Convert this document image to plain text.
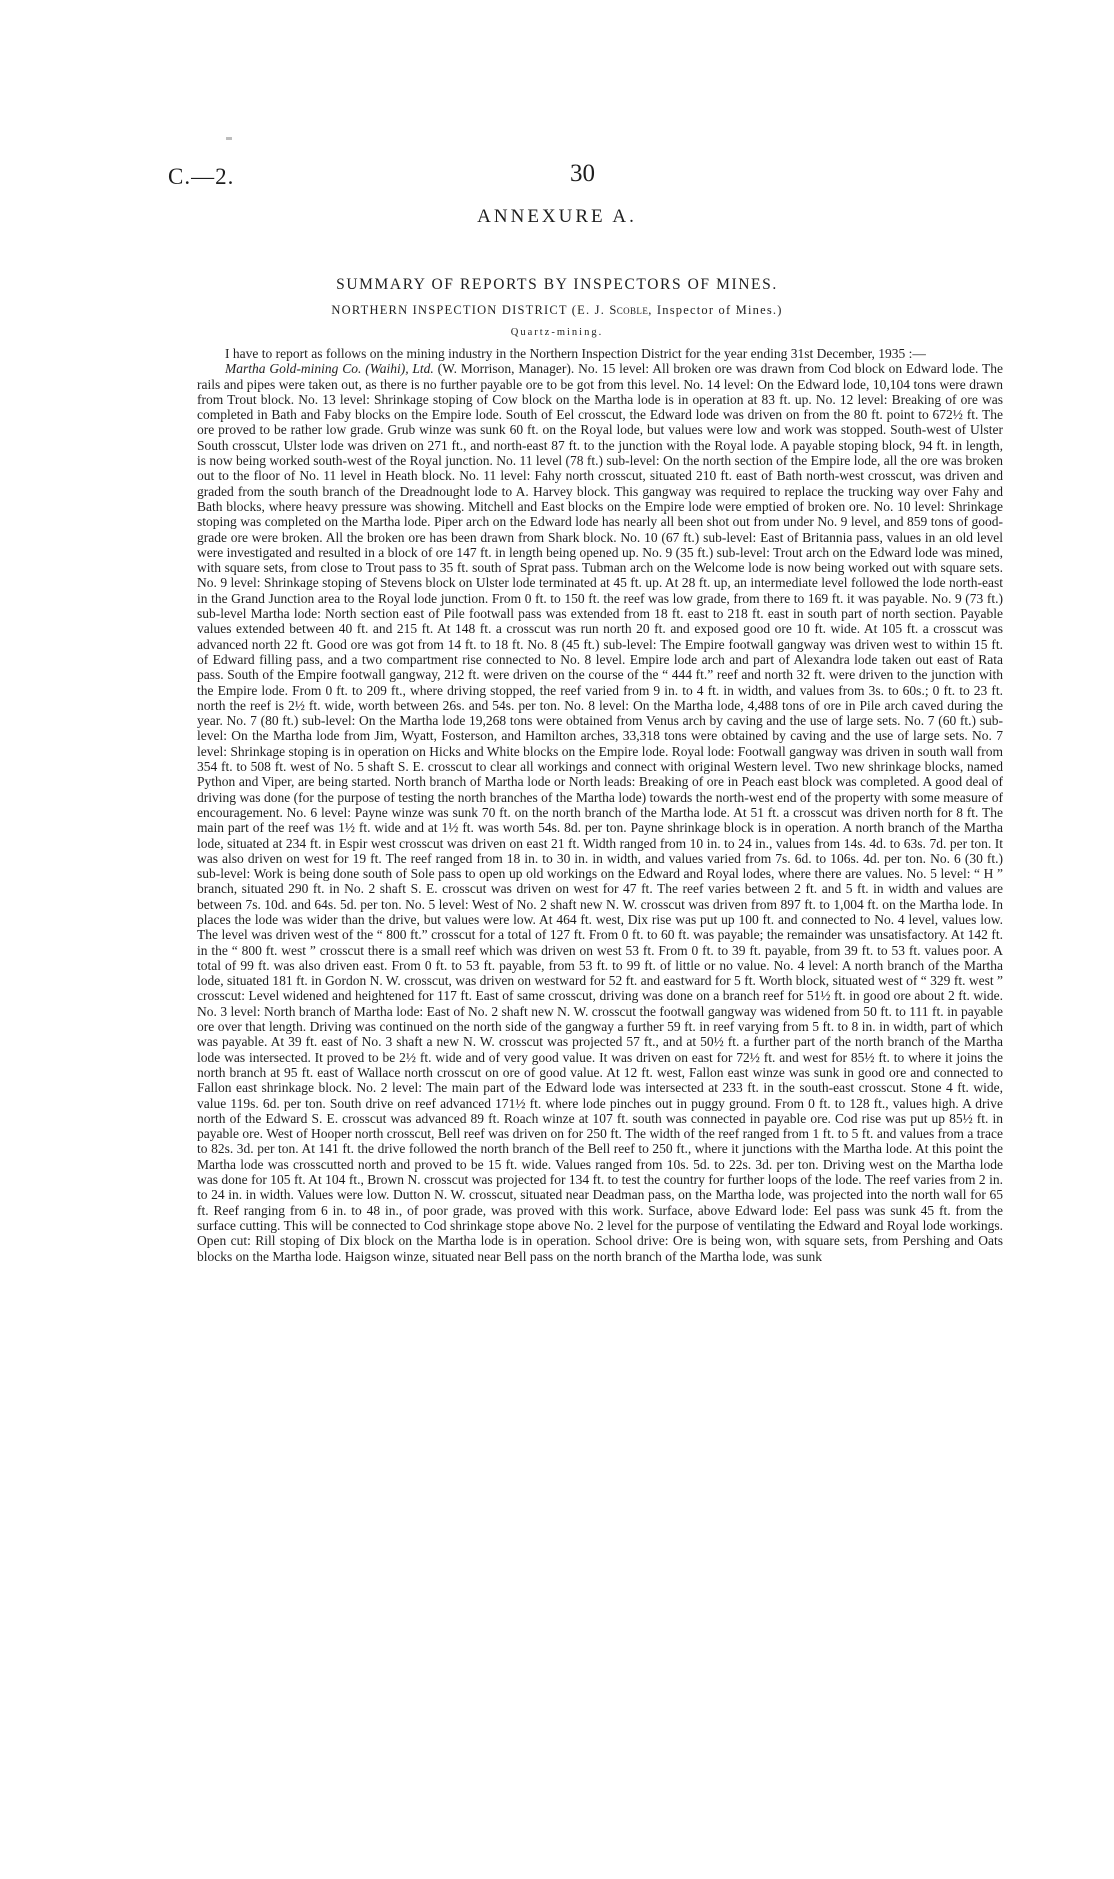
C.—2.	30
ANNEXURE A.
SUMMARY OF REPORTS BY INSPECTORS OF MINES.
NORTHERN INSPECTION DISTRICT (E. J. Scoble, Inspector of Mines.)
Quartz-mining.

I have to report as follows on the mining industry in the Northern Inspection District for the year ending 31st December, 1935 :—

Martha Gold-mining Co. (Waihi), Ltd. (W. Morrison, Manager). No. 15 level: All broken ore was drawn from Cod block on Edward lode. The rails and pipes were taken out, as there is no further payable ore to be got from this level. No. 14 level: On the Edward lode, 10,104 tons were drawn from Trout block. No. 13 level: Shrinkage stoping of Cow block on the Martha lode is in operation at 83 ft. up. No. 12 level: Breaking of ore was completed in Bath and Faby blocks on the Empire lode. South of Eel crosscut, the Edward lode was driven on from the 80 ft. point to 672½ ft. The ore proved to be rather low grade. Grub winze was sunk 60 ft. on the Royal lode, but values were low and work was stopped. South-west of Ulster South crosscut, Ulster lode was driven on 271 ft., and north-east 87 ft. to the junction with the Royal lode. A payable stoping block, 94 ft. in length, is now being worked south-west of the Royal junction. No. 11 level (78 ft.) sub-level: On the north section of the Empire lode, all the ore was broken out to the floor of No. 11 level in Heath block. No. 11 level: Fahy north crosscut, situated 210 ft. east of Bath north-west crosscut, was driven and graded from the south branch of the Dreadnought lode to A. Harvey block. This gangway was required to replace the trucking way over Fahy and Bath blocks, where heavy pressure was showing. Mitchell and East blocks on the Empire lode were emptied of broken ore. No. 10 level: Shrinkage stoping was completed on the Martha lode. Piper arch on the Edward lode has nearly all been shot out from under No. 9 level, and 859 tons of good-grade ore were broken. All the broken ore has been drawn from Shark block. No. 10 (67 ft.) sub-level: East of Britannia pass, values in an old level were investigated and resulted in a block of ore 147 ft. in length being opened up. No. 9 (35 ft.) sub-level: Trout arch on the Edward lode was mined, with square sets, from close to Trout pass to 35 ft. south of Sprat pass. Tubman arch on the Welcome lode is now being worked out with square sets. No. 9 level: Shrinkage stoping of Stevens block on Ulster lode terminated at 45 ft. up. At 28 ft. up, an intermediate level followed the lode north-east in the Grand Junction area to the Royal lode junction. From 0 ft. to 150 ft. the reef was low grade, from there to 169 ft. it was payable. No. 9 (73 ft.) sub-level Martha lode: North section east of Pile footwall pass was extended from 18 ft. east to 218 ft. east in south part of north section. Payable values extended between 40 ft. and 215 ft. At 148 ft. a crosscut was run north 20 ft. and exposed good ore 10 ft. wide. At 105 ft. a crosscut was advanced north 22 ft. Good ore was got from 14 ft. to 18 ft. No. 8 (45 ft.) sub-level: The Empire footwall gangway was driven west to within 15 ft. of Edward filling pass, and a two compartment rise connected to No. 8 level. Empire lode arch and part of Alexandra lode taken out east of Rata pass. South of the Empire footwall gangway, 212 ft. were driven on the course of the “ 444 ft.” reef and north 32 ft. were driven to the junction with the Empire lode. From 0 ft. to 209 ft., where driving stopped, the reef varied from 9 in. to 4 ft. in width, and values from 3s. to 60s.; 0 ft. to 23 ft. north the reef is 2½ ft. wide, worth between 26s. and 54s. per ton. No. 8 level: On the Martha lode, 4,488 tons of ore in Pile arch caved during the year. No. 7 (80 ft.) sub-level: On the Martha lode 19,268 tons were obtained from Venus arch by caving and the use of large sets. No. 7 (60 ft.) sub-level: On the Martha lode from Jim, Wyatt, Fosterson, and Hamilton arches, 33,318 tons were obtained by caving and the use of large sets. No. 7 level: Shrinkage stoping is in operation on Hicks and White blocks on the Empire lode. Royal lode: Footwall gangway was driven in south wall from 354 ft. to 508 ft. west of No. 5 shaft S. E. crosscut to clear all workings and connect with original Western level. Two new shrinkage blocks, named Python and Viper, are being started. North branch of Martha lode or North leads: Breaking of ore in Peach east block was completed. A good deal of driving was done (for the purpose of testing the north branches of the Martha lode) towards the north-west end of the property with some measure of encouragement. No. 6 level: Payne winze was sunk 70 ft. on the north branch of the Martha lode. At 51 ft. a crosscut was driven north for 8 ft. The main part of the reef was 1½ ft. wide and at 1½ ft. was worth 54s. 8d. per ton. Payne shrinkage block is in operation. A north branch of the Martha lode, situated at 234 ft. in Espir west crosscut was driven on east 21 ft. Width ranged from 10 in. to 24 in., values from 14s. 4d. to 63s. 7d. per ton. It was also driven on west for 19 ft. The reef ranged from 18 in. to 30 in. in width, and values varied from 7s. 6d. to 106s. 4d. per ton. No. 6 (30 ft.) sub-level: Work is being done south of Sole pass to open up old workings on the Edward and Royal lodes, where there are values. No. 5 level: “ H ” branch, situated 290 ft. in No. 2 shaft S. E. crosscut was driven on west for 47 ft. The reef varies between 2 ft. and 5 ft. in width and values are between 7s. 10d. and 64s. 5d. per ton. No. 5 level: West of No. 2 shaft new N. W. crosscut was driven from 897 ft. to 1,004 ft. on the Martha lode. In places the lode was wider than the drive, but values were low. At 464 ft. west, Dix rise was put up 100 ft. and connected to No. 4 level, values low. The level was driven west of the “ 800 ft.” crosscut for a total of 127 ft. From 0 ft. to 60 ft. was payable; the remainder was unsatisfactory. At 142 ft. in the “ 800 ft. west ” crosscut there is a small reef which was driven on west 53 ft. From 0 ft. to 39 ft. payable, from 39 ft. to 53 ft. values poor. A total of 99 ft. was also driven east. From 0 ft. to 53 ft. payable, from 53 ft. to 99 ft. of little or no value. No. 4 level: A north branch of the Martha lode, situated 181 ft. in Gordon N. W. crosscut, was driven on westward for 52 ft. and eastward for 5 ft. Worth block, situated west of “ 329 ft. west ” crosscut: Level widened and heightened for 117 ft. East of same crosscut, driving was done on a branch reef for 51½ ft. in good ore about 2 ft. wide. No. 3 level: North branch of Martha lode: East of No. 2 shaft new N. W. crosscut the footwall gangway was widened from 50 ft. to 111 ft. in payable ore over that length. Driving was continued on the north side of the gangway a further 59 ft. in reef varying from 5 ft. to 8 in. in width, part of which was payable. At 39 ft. east of No. 3 shaft a new N. W. crosscut was projected 57 ft., and at 50½ ft. a further part of the north branch of the Martha lode was intersected. It proved to be 2½ ft. wide and of very good value. It was driven on east for 72½ ft. and west for 85½ ft. to where it joins the north branch at 95 ft. east of Wallace north crosscut on ore of good value. At 12 ft. west, Fallon east winze was sunk in good ore and connected to Fallon east shrinkage block. No. 2 level: The main part of the Edward lode was intersected at 233 ft. in the south-east crosscut. Stone 4 ft. wide, value 119s. 6d. per ton. South drive on reef advanced 171½ ft. where lode pinches out in puggy ground. From 0 ft. to 128 ft., values high. A drive north of the Edward S. E. crosscut was advanced 89 ft. Roach winze at 107 ft. south was connected in payable ore. Cod rise was put up 85½ ft. in payable ore. West of Hooper north crosscut, Bell reef was driven on for 250 ft. The width of the reef ranged from 1 ft. to 5 ft. and values from a trace to 82s. 3d. per ton. At 141 ft. the drive followed the north branch of the Bell reef to 250 ft., where it junctions with the Martha lode. At this point the Martha lode was crosscutted north and proved to be 15 ft. wide. Values ranged from 10s. 5d. to 22s. 3d. per ton. Driving west on the Martha lode was done for 105 ft. At 104 ft., Brown N. crosscut was projected for 134 ft. to test the country for further loops of the lode. The reef varies from 2 in. to 24 in. in width. Values were low. Dutton N. W. crosscut, situated near Deadman pass, on the Martha lode, was projected into the north wall for 65 ft. Reef ranging from 6 in. to 48 in., of poor grade, was proved with this work. Surface, above Edward lode: Eel pass was sunk 45 ft. from the surface cutting. This will be connected to Cod shrinkage stope above No. 2 level for the purpose of ventilating the Edward and Royal lode workings. Open cut: Rill stoping of Dix block on the Martha lode is in operation. School drive: Ore is being won, with square sets, from Pershing and Oats blocks on the Martha lode. Haigson winze, situated near Bell pass on the north branch of the Martha lode, was sunk
